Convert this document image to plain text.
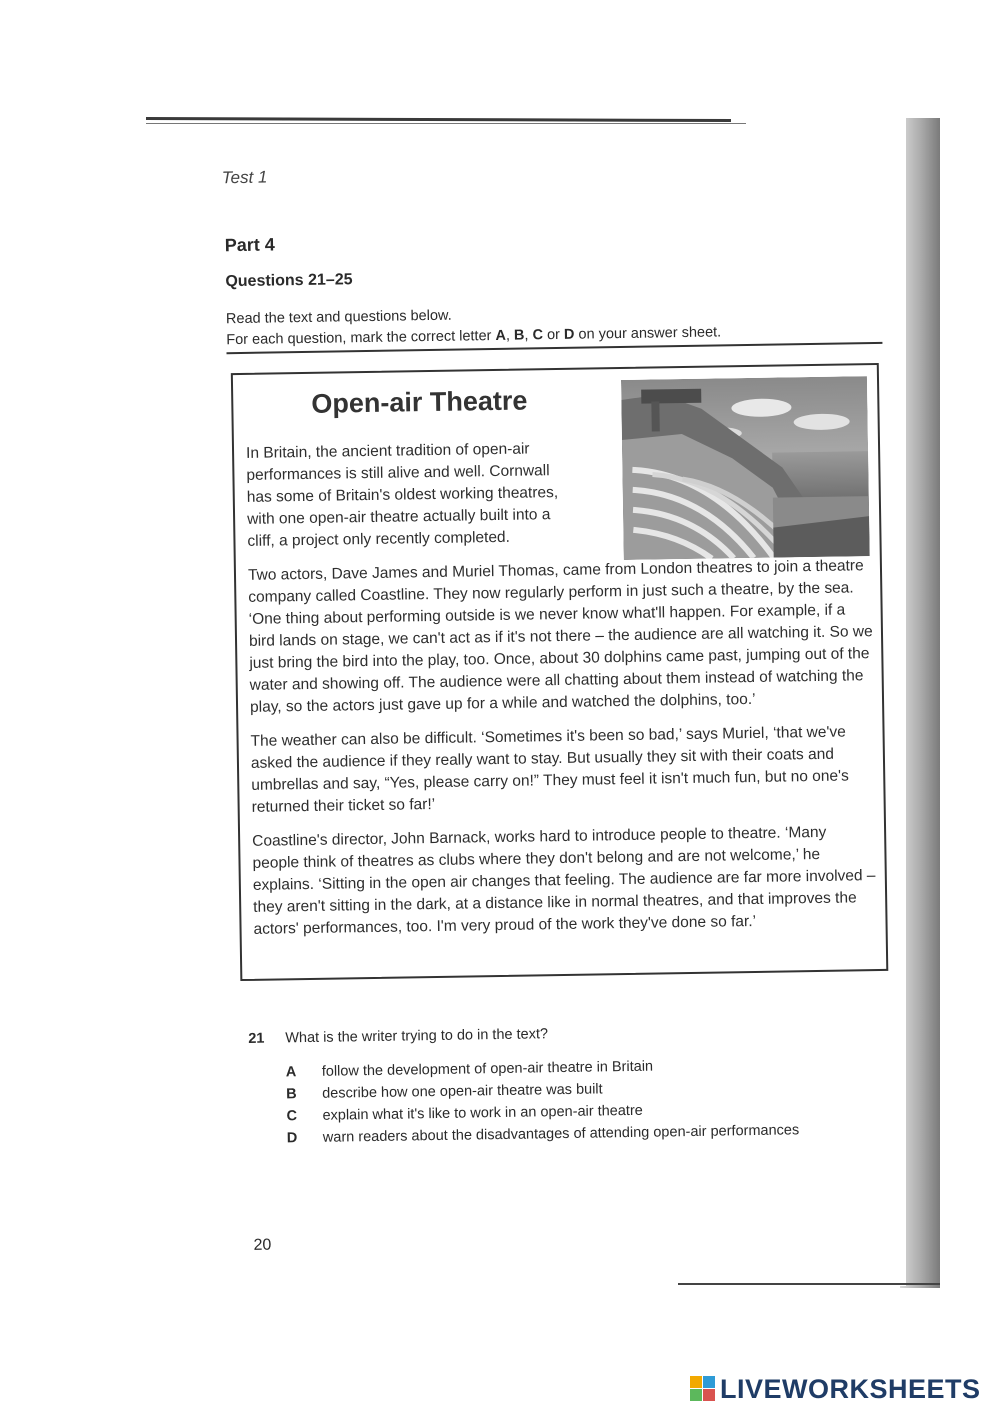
Test 1
Part 4
Questions 21–25
Read the text and questions below.
For each question, mark the correct letter A, B, C or D on your answer sheet.
Open-air Theatre

In Britain, the ancient tradition of open-air performances is still alive and well. Cornwall has some of Britain's oldest working theatres, with one open-air theatre actually built into a cliff, a project only recently completed.

Two actors, Dave James and Muriel Thomas, came from London theatres to join a theatre company called Coastline. They now regularly perform in just such a theatre, by the sea. ‘One thing about performing outside is we never know what'll happen. For example, if a bird lands on stage, we can't act as if it's not there – the audience are all watching it. So we just bring the bird into the play, too. Once, about 30 dolphins came past, jumping out of the water and showing off. The audience were all chatting about them instead of watching the play, so the actors just gave up for a while and watched the dolphins, too.’

The weather can also be difficult. ‘Sometimes it's been so bad,’ says Muriel, ‘that we've asked the audience if they really want to stay. But usually they sit with their coats and umbrellas and say, “Yes, please carry on!” They must feel it isn't much fun, but no one's returned their ticket so far!’

Coastline's director, John Barnack, works hard to introduce people to theatre. ‘Many people think of theatres as clubs where they don't belong and are not welcome,’ he explains. ‘Sitting in the open air changes that feeling. The audience are far more involved – they aren't sitting in the dark, at a distance like in normal theatres, and that improves the actors' performances, too. I'm very proud of the work they've done so far.’

21 What is the writer trying to do in the text?
A follow the development of open-air theatre in Britain
B describe how one open-air theatre was built
C explain what it's like to work in an open-air theatre
D warn readers about the disadvantages of attending open-air performances
20
LIVEWORKSHEETS
